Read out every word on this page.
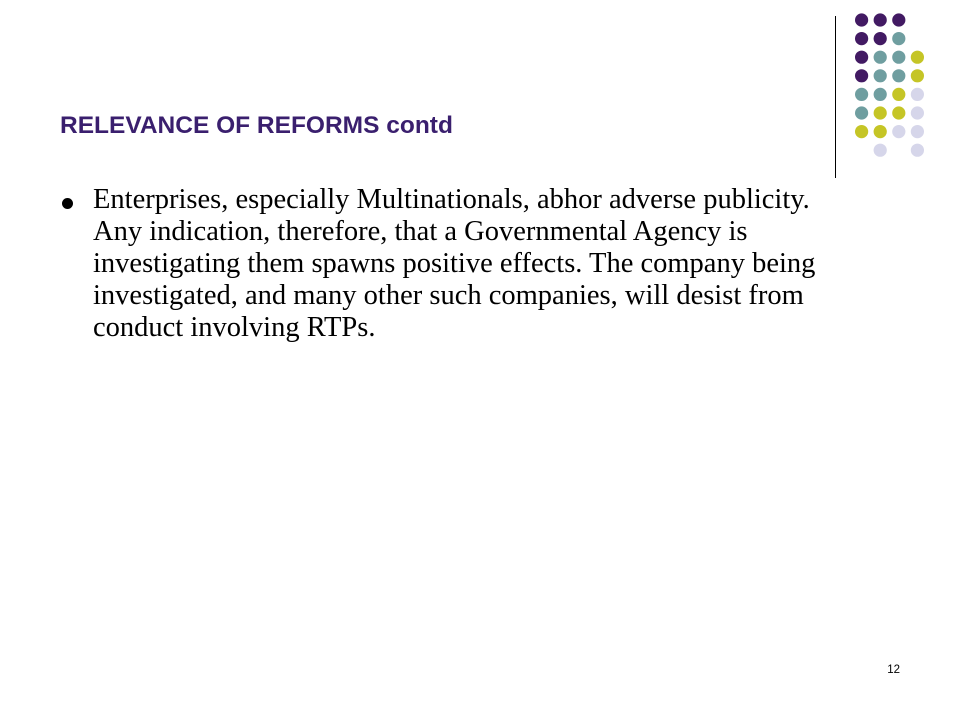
RELEVANCE OF REFORMS contd
Enterprises, especially Multinationals, abhor adverse publicity. Any indication, therefore, that a Governmental Agency is investigating them spawns positive effects. The company being investigated, and many other such companies, will desist from conduct involving RTPs.
12
